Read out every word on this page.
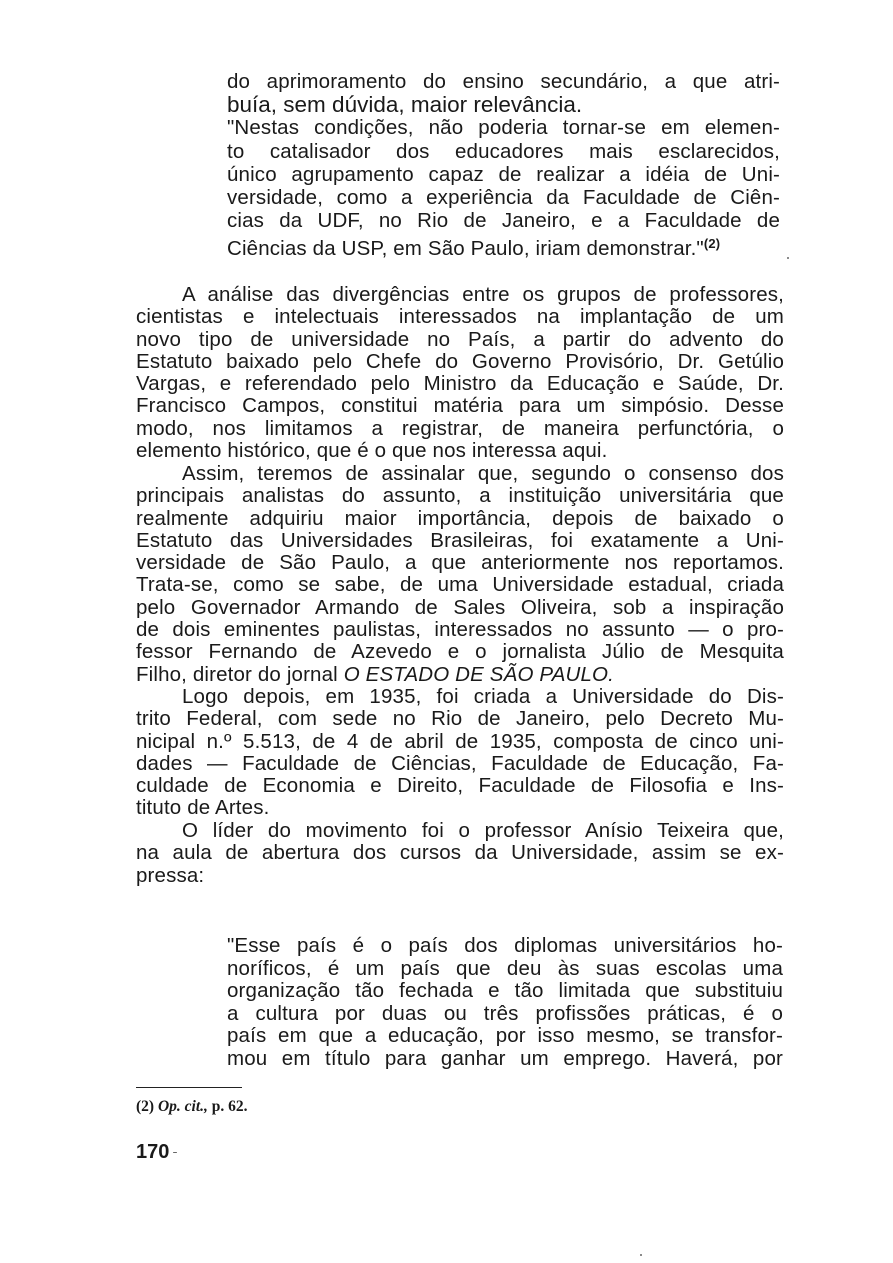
do aprimoramento do ensino secundário, a que atri-
buía, sem dúvida, maior relevância.
"Nestas condições, não poderia tornar-se em elemen-
to catalisador dos educadores mais esclarecidos,
único agrupamento capaz de realizar a idéia de Uni-
versidade, como a experiência da Faculdade de Ciên-
cias da UDF, no Rio de Janeiro, e a Faculdade de
Ciências da USP, em São Paulo, iriam demonstrar."$^{(2)}$
A análise das divergências entre os grupos de professores,
cientistas e intelectuais interessados na implantação de um
novo tipo de universidade no País, a partir do advento do
Estatuto baixado pelo Chefe do Governo Provisório, Dr. Getúlio
Vargas, e referendado pelo Ministro da Educação e Saúde, Dr.
Francisco Campos, constitui matéria para um simpósio. Desse
modo, nos limitamos a registrar, de maneira perfunctória, o
elemento histórico, que é o que nos interessa aqui.
Assim, teremos de assinalar que, segundo o consenso dos
principais analistas do assunto, a instituição universitária que
realmente adquiriu maior importância, depois de baixado o
Estatuto das Universidades Brasileiras, foi exatamente a Uni-
versidade de São Paulo, a que anteriormente nos reportamos.
Trata-se, como se sabe, de uma Universidade estadual, criada
pelo Governador Armando de Sales Oliveira, sob a inspiração
de dois eminentes paulistas, interessados no assunto — o pro-
fessor Fernando de Azevedo e o jornalista Júlio de Mesquita
Filho, diretor do jornal O ESTADO DE SÃO PAULO.
Logo depois, em 1935, foi criada a Universidade do Dis-
trito Federal, com sede no Rio de Janeiro, pelo Decreto Mu-
nicipal n.º 5.513, de 4 de abril de 1935, composta de cinco uni-
dades — Faculdade de Ciências, Faculdade de Educação, Fa-
culdade de Economia e Direito, Faculdade de Filosofia e Ins-
tituto de Artes.
O líder do movimento foi o professor Anísio Teixeira que,
na aula de abertura dos cursos da Universidade, assim se ex-
pressa:
"Esse país é o país dos diplomas universitários ho-
noríficos, é um país que deu às suas escolas uma
organização tão fechada e tão limitada que substituiu
a cultura por duas ou três profissões práticas, é o
país em que a educação, por isso mesmo, se transfor-
mou em título para ganhar um emprego. Haverá, por
(2) Op. cit., p. 62.
170
